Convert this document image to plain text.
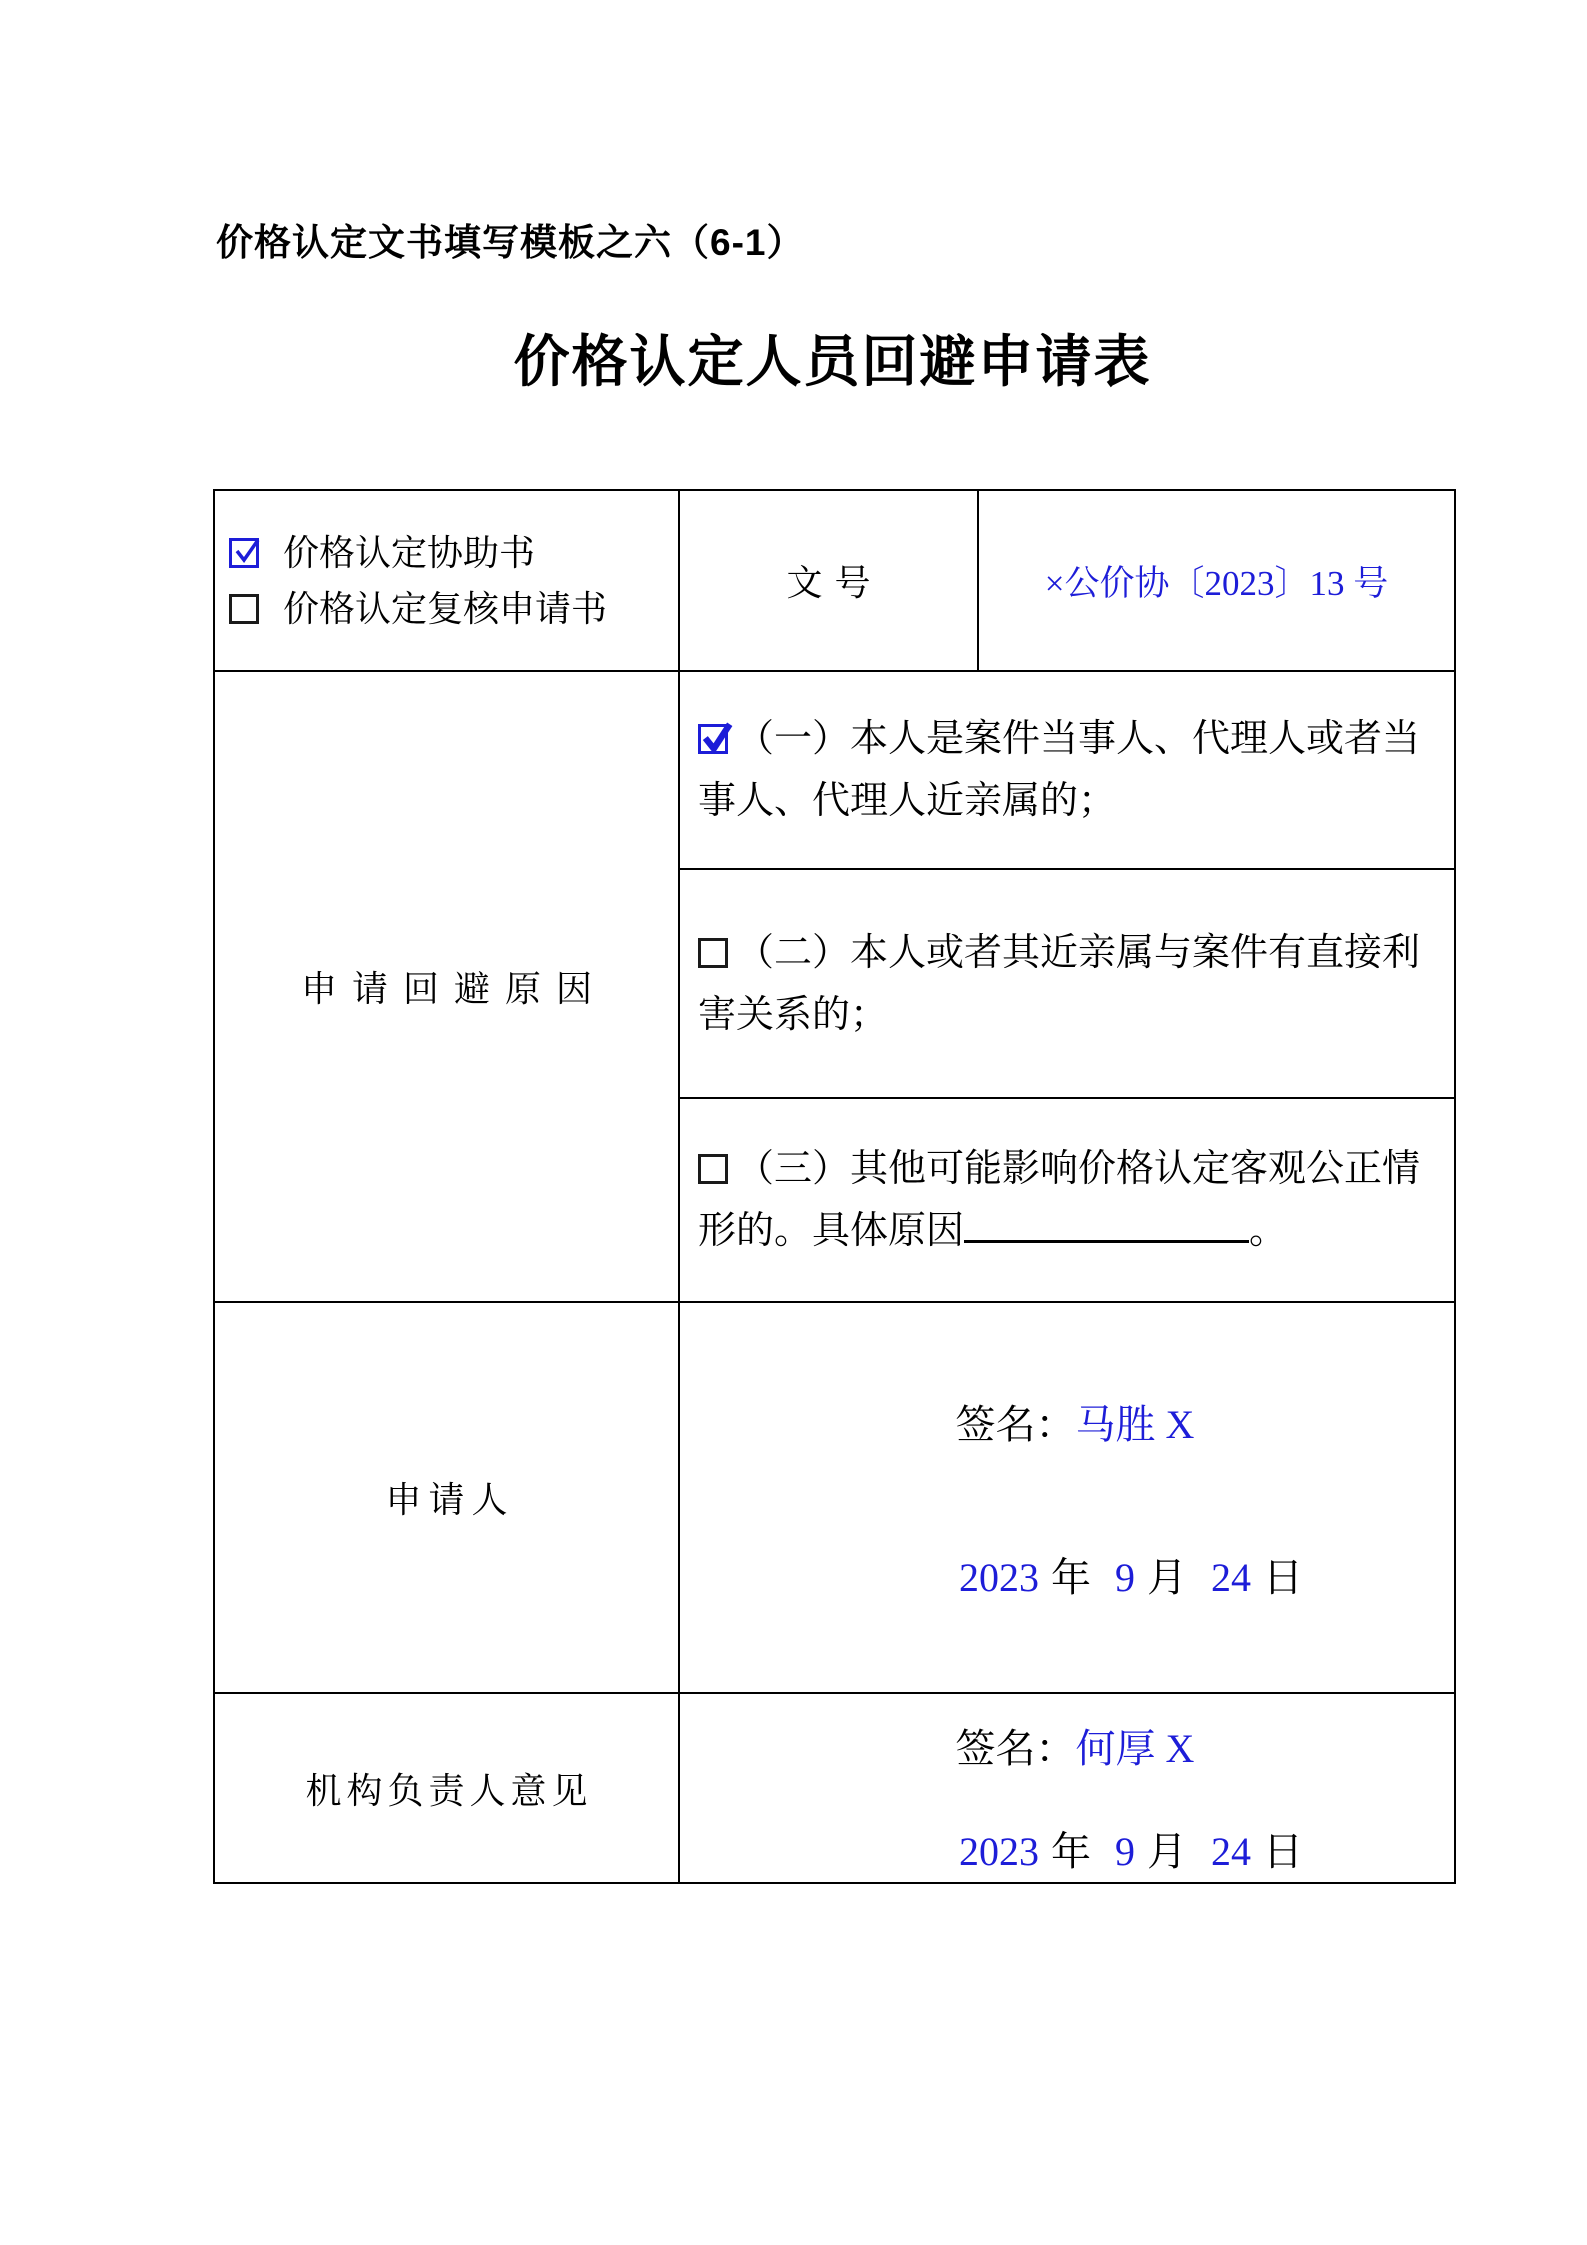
价格认定文书填写模板之六（6-1）
价格认定人员回避申请表
价格认定协助书
价格认定复核申请书
文号	×公价协〔2023〕13 号
申请回避原因
（一）本人是案件当事人、代理人或者当事人、代理人近亲属的；
（二）本人或者其近亲属与案件有直接利害关系的；
（三）其他可能影响价格认定客观公正情形的。具体原因	。
申请人
签名：马胜 X
2023 年 9 月 24 日
机构负责人意见
签名：何厚 X
2023 年 9 月 24 日
